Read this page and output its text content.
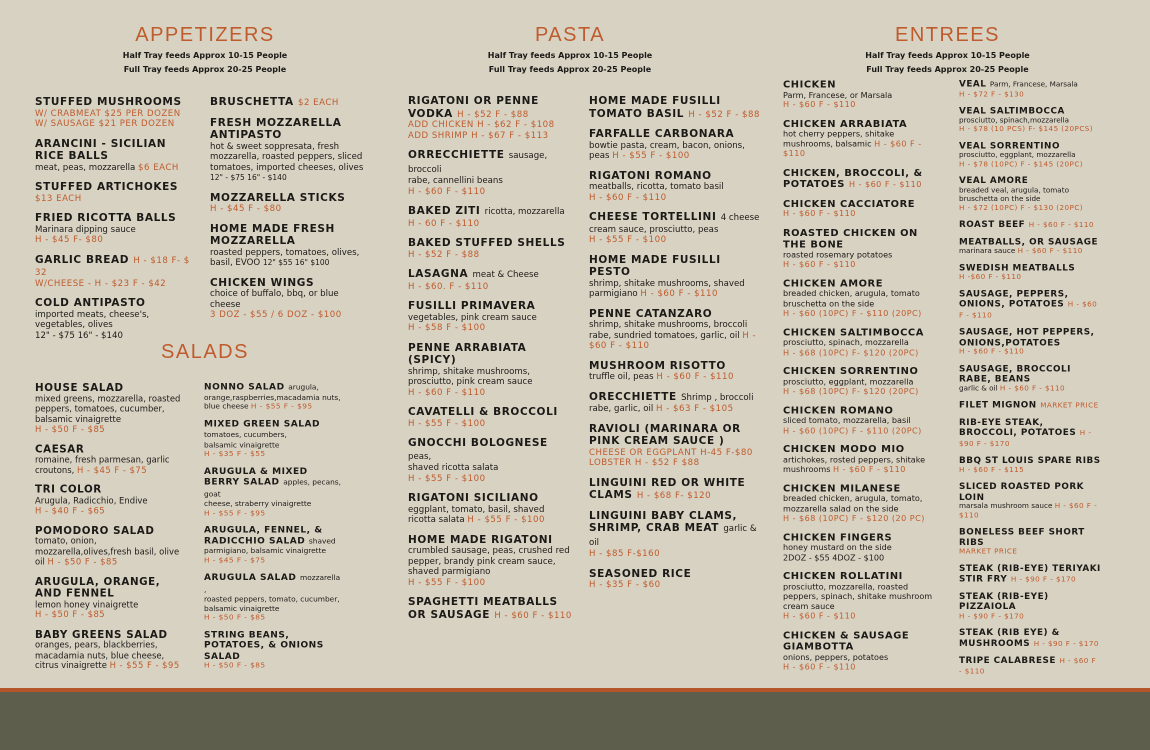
APPETIZERS
Half Tray feeds Approx 10-15 People
Full Tray feeds Approx 20-25 People
SALADS
PASTA
Half Tray feeds Approx 10-15 People
Full Tray feeds Approx 20-25 People
ENTREES
Half Tray feeds Approx 10-15 People
Full Tray feeds Approx 20-25 People
STUFFED MUSHROOMS
W/ CRABMEAT $25 PER DOZEN
W/ SAUSAGE $21 PER DOZEN
ARANCINI - SICILIAN RICE BALLS
meat, peas, mozzarella $6 EACH
STUFFED ARTICHOKES
$13 EACH
FRIED RICOTTA BALLS
Marinara dipping sauce
H - $45 F- $80
GARLIC BREAD H - $18 F- $ 32
W/CHEESE - H - $23 F - $42
COLD ANTIPASTO
imported meats, cheese's, vegetables, olives
12" - $75 16" - $140
BRUSCHETTA $2 EACH
FRESH MOZZARELLA ANTIPASTO
hot & sweet soppresata, fresh mozzarella, roasted peppers, sliced tomatoes, imported cheeses, olives 12" - $75 16" - $140
MOZZARELLA STICKS
H - $45 F - $80
HOME MADE FRESH MOZZARELLA
roasted peppers, tomatoes, olives, basil, EVOO 12" $55 16" $100
CHICKEN WINGS
choice of buffalo, bbq, or blue cheese
3 DOZ - $55 / 6 DOZ - $100
HOUSE SALAD
mixed greens, mozzarella, roasted peppers, tomatoes, cucumber, balsamic vinaigrette
H - $50 F - $85
CAESAR
romaine, fresh parmesan, garlic croutons, H - $45 F - $75
TRI COLOR
Arugula, Radicchio, Endive
H - $40 F - $65
POMODORO SALAD
tomato, onion, mozzarella,olives,fresh basil, olive oil H - $50 F - $85
ARUGULA, ORANGE, AND FENNEL
lemon honey vinaigrette
H - $50 F - $85
BABY GREENS SALAD
oranges, pears, blackberries, macadamia nuts, blue cheese, citrus vinaigrette H - $55 F - $95
NONNO SALAD arugula,
orange,raspberries,macadamia nuts, blue cheese H - $55 F - $95
MIXED GREEN SALAD tomatoes, cucumbers,
balsamic vinaigrette
H - $35 F - $55
ARUGULA & MIXED BERRY SALAD apples, pecans, goat
cheese, straberry vinaigrette
H - $55 F - $95
ARUGULA, FENNEL, & RADICCHIO SALAD shaved
parmigiano, balsamic vinaigrette
H - $45 F - $75
ARUGULA SALAD mozzarella ,
roasted peppers, tomato, cucumber, balsamic vinaigrette
H - $50 F - $85
STRING BEANS, POTATOES, & ONIONS SALAD
H - $50 F - $85
RIGATONI OR PENNE VODKA H - $52 F - $88
ADD CHICKEN H - $62 F - $108
ADD SHRIMP H - $67 F - $113
ORRECCHIETTE sausage, broccoli
rabe, cannellini beans
H - $60 F - $110
BAKED ZITI ricotta, mozzarella
H - 60 F - $110
BAKED STUFFED SHELLS
H - $52 F - $88
LASAGNA meat & Cheese
H - $60. F - $110
FUSILLI PRIMAVERA
vegetables, pink cream sauce
H - $58 F - $100
PENNE ARRABIATA (SPICY)
shrimp, shitake mushrooms, prosciutto, pink cream sauce
H - $60 F - $110
CAVATELLI & BROCCOLI
H - $55 F - $100
GNOCCHI BOLOGNESE peas,
shaved ricotta salata
H - $55 F - $100
RIGATONI SICILIANO
eggplant, tomato, basil, shaved ricotta salata H - $55 F - $100
HOME MADE RIGATONI
crumbled sausage, peas, crushed red pepper, brandy pink cream sauce, shaved parmigiano
H - $55 F - $100
SPAGHETTI MEATBALLS OR SAUSAGE H - $60 F - $110
HOME MADE FUSILLI TOMATO BASIL H - $52 F - $88
FARFALLE CARBONARA
bowtie pasta, cream, bacon, onions, peas H - $55 F - $100
RIGATONI ROMANO
meatballs, ricotta, tomato basil
H - $60 F - $110
CHEESE TORTELLINI 4 cheese
cream sauce, prosciutto, peas
H - $55 F - $100
HOME MADE FUSILLI PESTO
shrimp, shitake mushrooms, shaved parmigiano H - $60 F - $110
PENNE CATANZARO
shrimp, shitake mushrooms, broccoli rabe, sundried tomatoes, garlic, oil H - $60 F - $110
MUSHROOM RISOTTO
truffle oil, peas H - $60 F - $110
ORECCHIETTE Shrimp , broccoli
rabe, garlic, oil H - $63 F - $105
RAVIOLI (MARINARA OR PINK CREAM SAUCE )
CHEESE OR EGGPLANT H-45 F-$80
LOBSTER H - $52 F $88
LINGUINI RED OR WHITE CLAMS H - $68 F- $120
LINGUINI BABY CLAMS, SHRIMP, CRAB MEAT garlic & oil
H - $85 F-$160
SEASONED RICE
H - $35 F - $60
CHICKEN
Parm, Francese, or Marsala
H - $60 F - $110
CHICKEN ARRABIATA
hot cherry peppers, shitake mushrooms, balsamic H - $60 F - $110
CHICKEN, BROCCOLI, & POTATOES H - $60 F - $110
CHICKEN CACCIATORE
H - $60 F - $110
ROASTED CHICKEN ON THE BONE
roasted rosemary potatoes
H - $60 F - $110
CHICKEN AMORE
breaded chicken, arugula, tomato bruschetta on the side
H - $60 (10PC) F - $110 (20PC)
CHICKEN SALTIMBOCCA
prosciutto, spinach, mozzarella
H - $68 (10PC) F- $120 (20PC)
CHICKEN SORRENTINO
prosciutto, eggplant, mozzarella
H - $68 (10PC) F- $120 (20PC)
CHICKEN ROMANO
sliced tomato, mozzarella, basil
H - $60 (10PC) F - $110 (20PC)
CHICKEN MODO MIO
artichokes, rosted peppers, shitake mushrooms H - $60 F - $110
CHICKEN MILANESE
breaded chicken, arugula, tomato, mozzarella salad on the side
H - $68 (10PC) F - $120 (20 PC)
CHICKEN FINGERS
honey mustard on the side
2DOZ - $55 4DOZ - $100
CHICKEN ROLLATINI
prosciutto, mozzarella, roasted peppers, spinach, shitake mushroom cream sauce
H - $60 F - $110
CHICKEN & SAUSAGE GIAMBOTTA
onions, peppers, potatoes
H - $60 F - $110
VEAL Parm, Francese, Marsala
H - $72 F - $130
VEAL SALTIMBOCCA
prosciutto, spinach,mozzarella
H - $78 (10 PCS) F- $145 (20PCS)
VEAL SORRENTINO
prosciutto, eggplant, mozzarella
H - $78 (10PC) F - $145 (20PC)
VEAL AMORE
breaded veal, arugula, tomato bruschetta on the side
H - $72 (10PC) F - $130 (20PC)
ROAST BEEF H - $60 F - $110
MEATBALLS, OR SAUSAGE
marinara sauce H - $60 F - $110
SWEDISH MEATBALLS
H -$60 F - $110
SAUSAGE, PEPPERS, ONIONS, POTATOES H - $60 F - $110
SAUSAGE, HOT PEPPERS, ONIONS,POTATOES
H - $60 F - $110
SAUSAGE, BROCCOLI RABE, BEANS
garlic & oil H - $60 F - $110
FILET MIGNON MARKET PRICE
RIB-EYE STEAK, BROCCOLI, POTATOES H - $90 F - $170
BBQ ST LOUIS SPARE RIBS
H - $60 F - $115
SLICED ROASTED PORK LOIN
marsala mushroom sauce H - $60 F - $110
BONELESS BEEF SHORT RIBS
MARKET PRICE
STEAK (RIB-EYE) TERIYAKI STIR FRY H - $90 F - $170
STEAK (RIB-EYE) PIZZAIOLA
H - $90 F - $170
STEAK (RIB EYE) & MUSHROOMS H - $90 F - $170
TRIPE CALABRESE H - $60 F - $110
